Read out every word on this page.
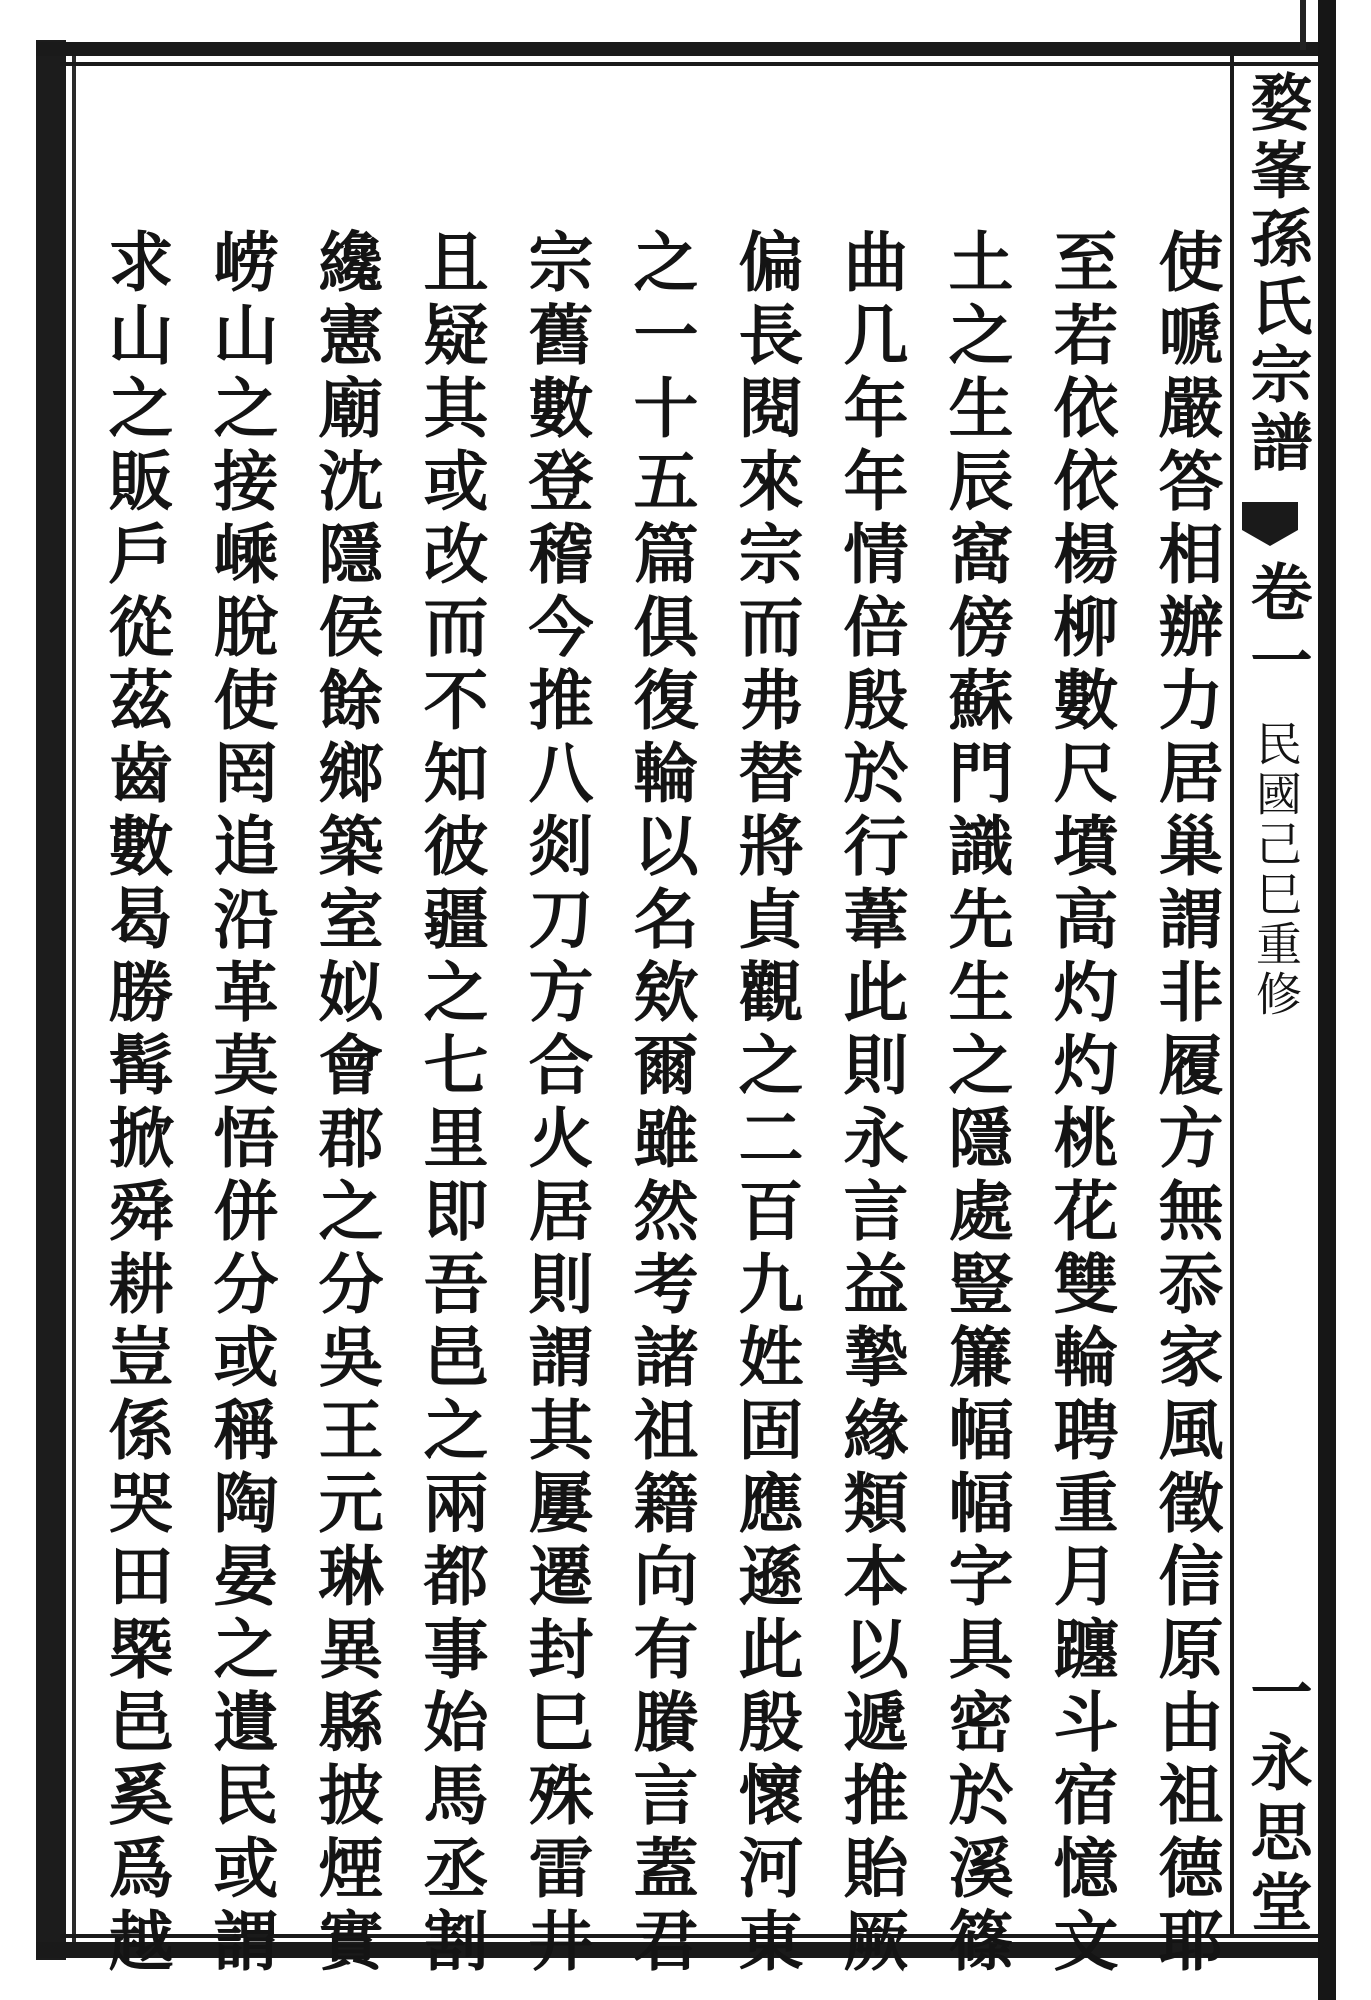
婺峯孫氏宗譜
卷一
民國己巳重修
一永思堂
使嗁嚴答相辦力居巢謂非履方無忝家風徵信原由祖德耶
至若依依楊柳數尺墳高灼灼桃花雙輪聘重月躔斗宿憶文
土之生辰窩傍蘇門識先生之隱處豎簾幅幅字具密於溪篠
曲几年年情倍殷於行葦此則永言益摯緣類本以遞推貽厥
偏長閱來宗而弗替將貞觀之二百九姓固應遜此殷懷河東
之一十五篇俱復輪以名欸爾雖然考諸祖籍向有賸言蓋君
宗舊數登稽今推八剡刀方合火居則謂其屢遷封巳殊雷井
且疑其或改而不知彼疆之七里即吾邑之兩都事始馬丞割
纔憲廟沈隱侯餘鄉築室姒會郡之分吳王元琳異縣披煙實
崂山之接嵊脫使罔追沿革莫悟併分或稱陶晏之遺民或謂
求山之販戶從茲齒數曷勝髯掀舜耕豈係哭田槩邑奚爲越
